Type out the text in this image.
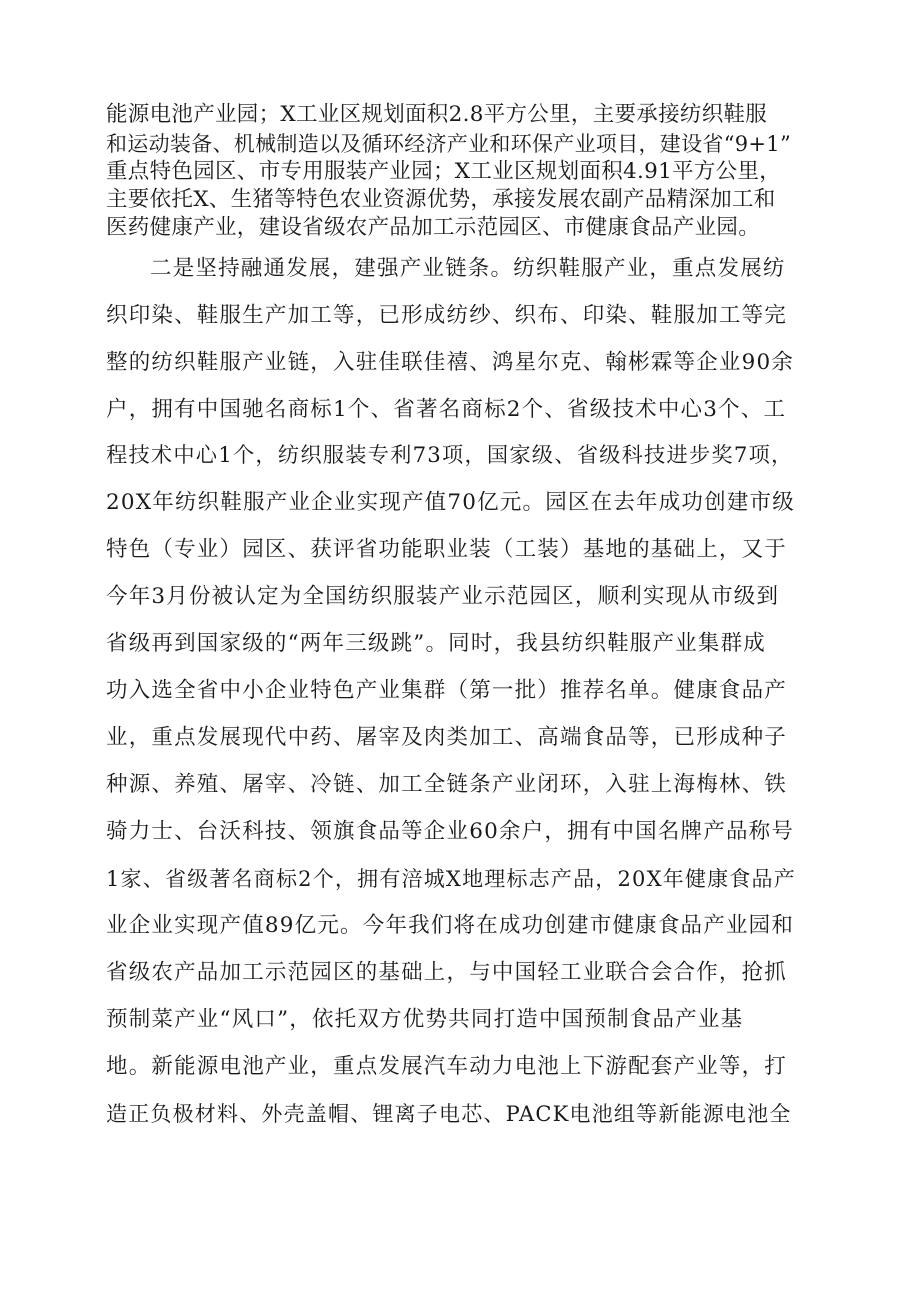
能源电池产业园；X工业区规划面积2.8平方公里，主要承接纺织鞋服
和运动装备、机械制造以及循环经济产业和环保产业项目，建设省“9+1”
重点特色园区、市专用服装产业园；X工业区规划面积4.91平方公里，
主要依托X、生猪等特色农业资源优势，承接发展农副产品精深加工和
医药健康产业，建设省级农产品加工示范园区、市健康食品产业园。
二是坚持融通发展，建强产业链条。纺织鞋服产业，重点发展纺
织印染、鞋服生产加工等，已形成纺纱、织布、印染、鞋服加工等完
整的纺织鞋服产业链，入驻佳联佳禧、鸿星尔克、翰彬霖等企业90余
户，拥有中国驰名商标1个、省著名商标2个、省级技术中心3个、工
程技术中心1个，纺织服装专利73项，国家级、省级科技进步奖7项，
20X年纺织鞋服产业企业实现产值70亿元。园区在去年成功创建市级
特色（专业）园区、获评省功能职业装（工装）基地的基础上，又于
今年3月份被认定为全国纺织服装产业示范园区，顺利实现从市级到
省级再到国家级的“两年三级跳”。同时，我县纺织鞋服产业集群成
功入选全省中小企业特色产业集群（第一批）推荐名单。健康食品产
业，重点发展现代中药、屠宰及肉类加工、高端食品等，已形成种子
种源、养殖、屠宰、冷链、加工全链条产业闭环，入驻上海梅林、铁
骑力士、台沃科技、领旗食品等企业60余户，拥有中国名牌产品称号
1家、省级著名商标2个，拥有涪城X地理标志产品，20X年健康食品产
业企业实现产值89亿元。今年我们将在成功创建市健康食品产业园和
省级农产品加工示范园区的基础上，与中国轻工业联合会合作，抢抓
预制菜产业“风口”，依托双方优势共同打造中国预制食品产业基
地。新能源电池产业，重点发展汽车动力电池上下游配套产业等，打
造正负极材料、外壳盖帽、锂离子电芯、PACK电池组等新能源电池全
